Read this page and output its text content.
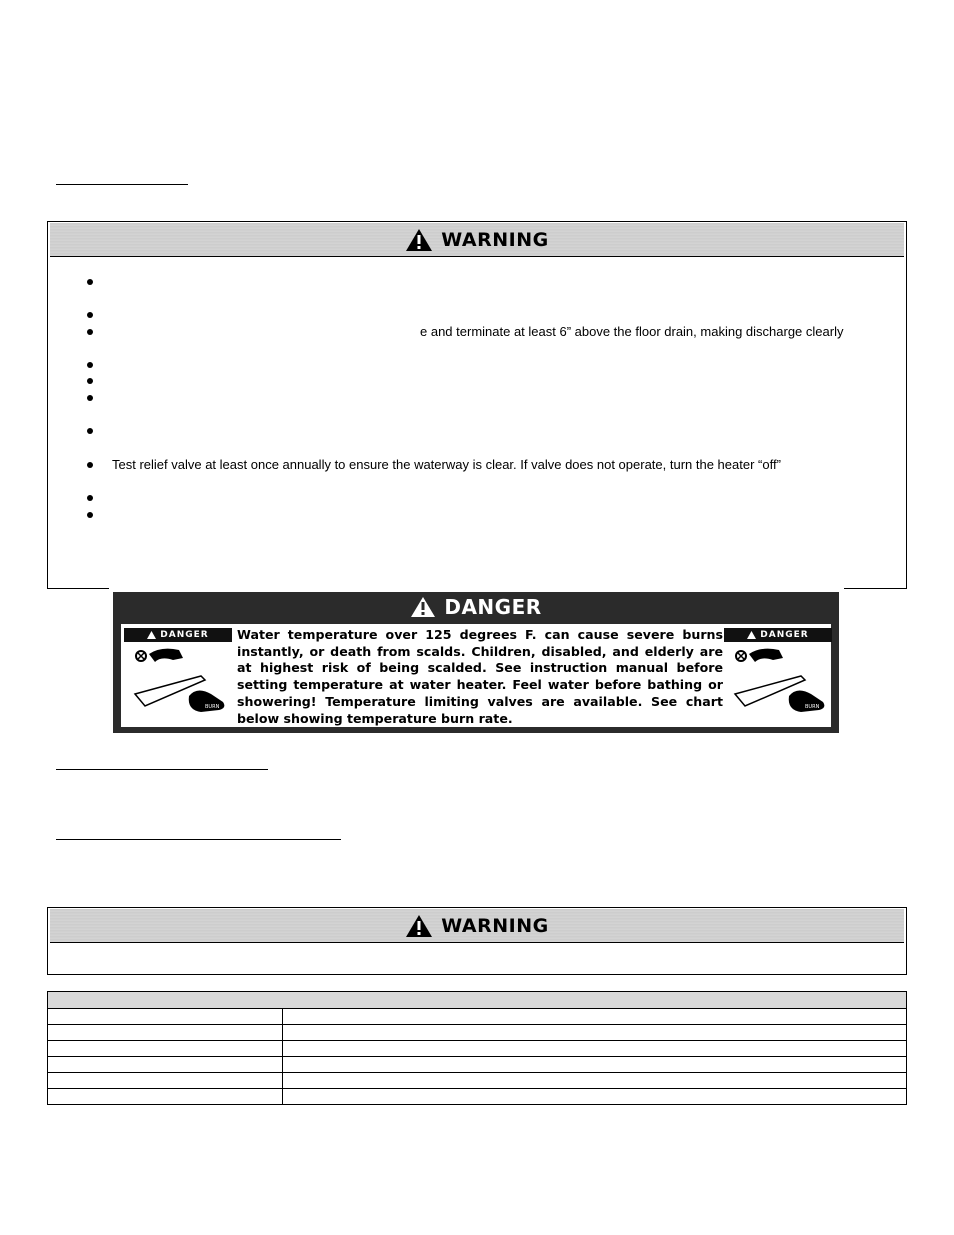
WARNING
e and terminate at least 6” above the floor drain, making discharge clearly
Test relief valve at least once annually to ensure the waterway is clear. If valve does not operate, turn the heater “off”
DANGER
DANGER
BURN
Water temperature over 125 degrees F. can cause severe burns instantly, or death from scalds. Children, disabled, and elderly are at highest risk of being scalded. See instruction manual before setting temperature at water heater. Feel water before bathing or showering! Temperature limiting valves are available. See chart below showing temperature burn rate.
DANGER
BURN
WARNING
